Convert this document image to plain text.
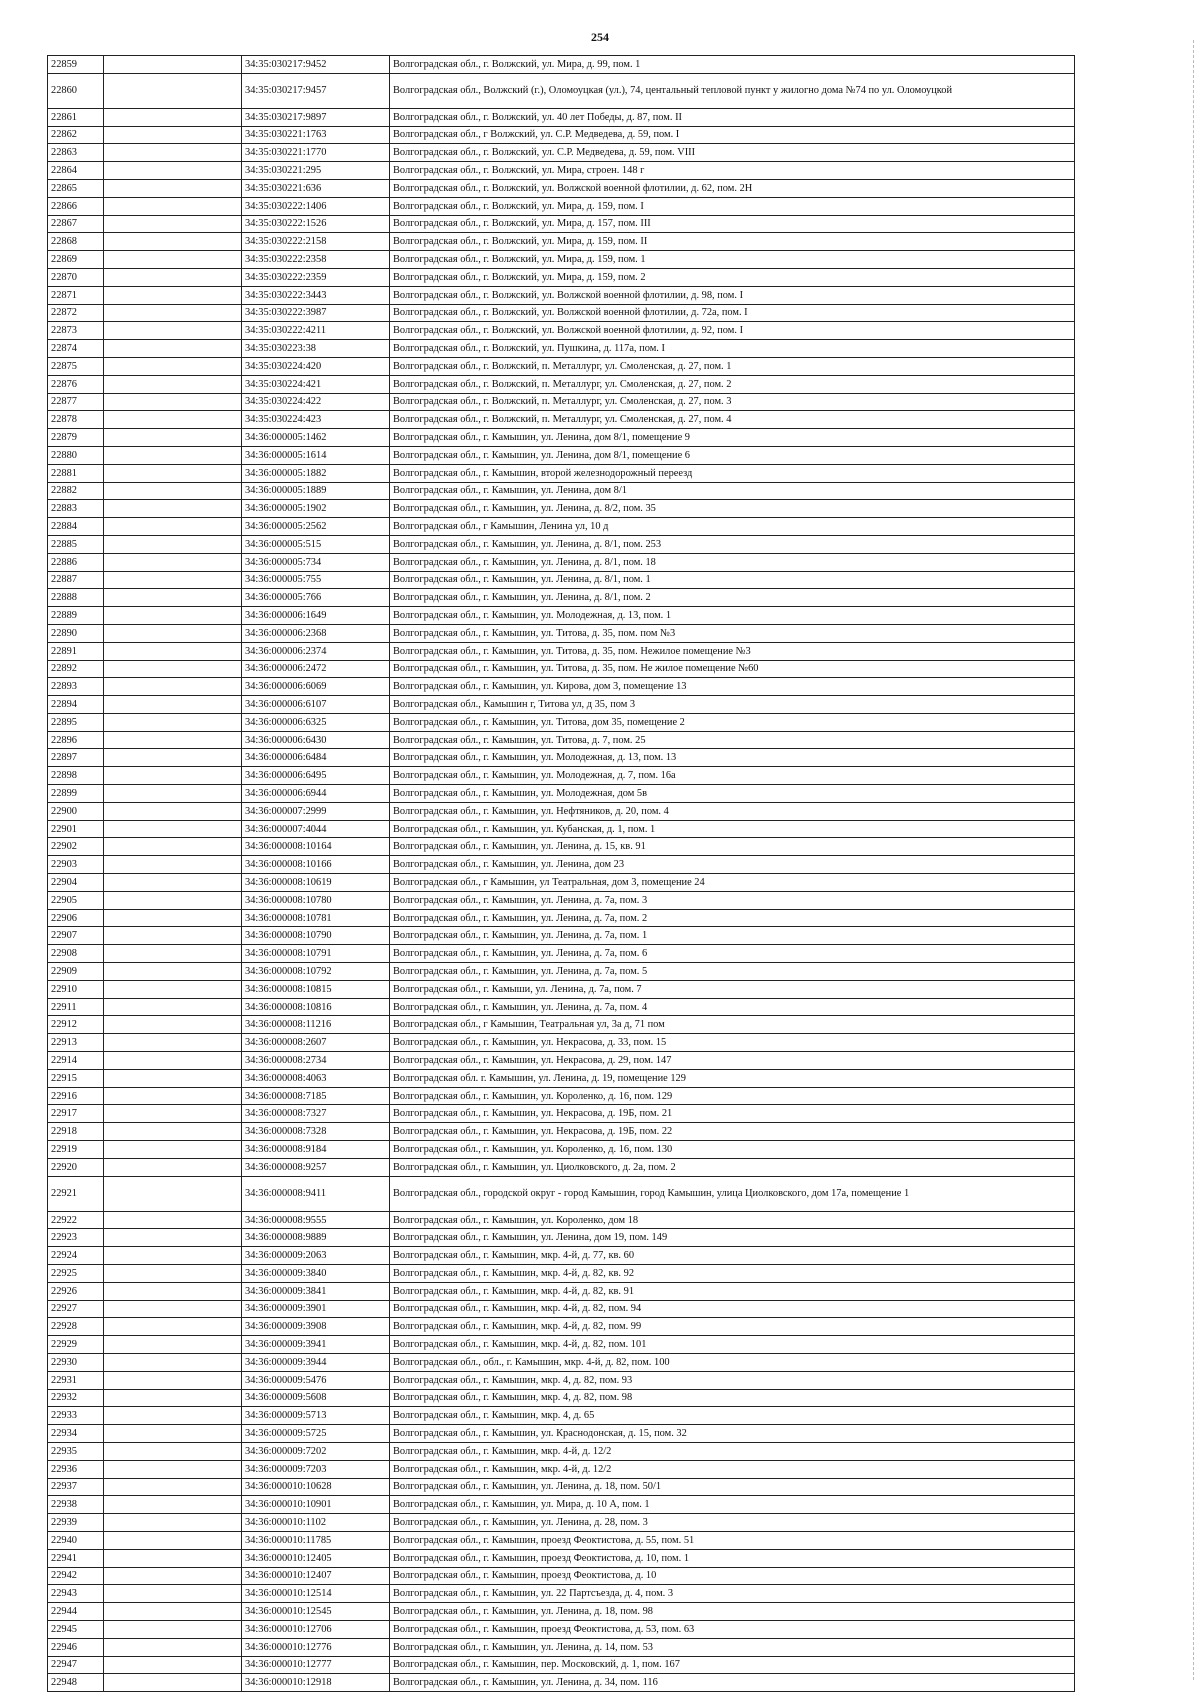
254
22859		34:35:030217:9452	Волгоградская обл., г. Волжский, ул. Мира, д. 99, пом. 1
22860		34:35:030217:9457	Волгоградская обл., Волжский (г.), Оломоуцкая (ул.), 74, центальный тепловой пункт у жилогно дома №74 по ул. Оломоуцкой
22861		34:35:030217:9897	Волгоградская обл., г. Волжский, ул. 40 лет Победы, д. 87, пом. II
22862		34:35:030221:1763	Волгоградская обл., г Волжский, ул. С.Р. Медведева, д. 59, пом. I
22863		34:35:030221:1770	Волгоградская обл., г. Волжский, ул. С.Р. Медведева, д. 59, пом. VIII
22864		34:35:030221:295	Волгоградская обл., г. Волжский, ул. Мира, строен. 148 г
22865		34:35:030221:636	Волгоградская обл., г. Волжский, ул. Волжской военной флотилии, д. 62, пом. 2Н
22866		34:35:030222:1406	Волгоградская обл., г. Волжский, ул. Мира, д. 159, пом. I
22867		34:35:030222:1526	Волгоградская обл., г. Волжский, ул. Мира, д. 157, пом. III
22868		34:35:030222:2158	Волгоградская обл., г. Волжский, ул. Мира, д. 159, пом. II
22869		34:35:030222:2358	Волгоградская обл., г. Волжский, ул. Мира, д. 159, пом. 1
22870		34:35:030222:2359	Волгоградская обл., г. Волжский, ул. Мира, д. 159, пом. 2
22871		34:35:030222:3443	Волгоградская обл., г. Волжский, ул. Волжской военной флотилии, д. 98, пом. I
22872		34:35:030222:3987	Волгоградская обл., г. Волжский, ул. Волжской военной флотилии, д. 72а, пом. I
22873		34:35:030222:4211	Волгоградская обл., г. Волжский, ул. Волжской военной флотилии, д. 92, пом. I
22874		34:35:030223:38	Волгоградская обл., г. Волжский, ул. Пушкина, д. 117а, пом. I
22875		34:35:030224:420	Волгоградская обл., г. Волжский, п. Металлург, ул. Смоленская, д. 27, пом. 1
22876		34:35:030224:421	Волгоградская обл., г. Волжский, п. Металлург, ул. Смоленская, д. 27, пом. 2
22877		34:35:030224:422	Волгоградская обл., г. Волжский, п. Металлург, ул. Смоленская, д. 27, пом. 3
22878		34:35:030224:423	Волгоградская обл., г. Волжский, п. Металлург, ул. Смоленская, д. 27, пом. 4
22879		34:36:000005:1462	Волгоградская обл., г. Камышин, ул. Ленина, дом 8/1, помещение 9
22880		34:36:000005:1614	Волгоградская обл., г. Камышин, ул. Ленина, дом 8/1, помещение 6
22881		34:36:000005:1882	Волгоградская обл., г. Камышин, второй железнодорожный переезд
22882		34:36:000005:1889	Волгоградская обл., г. Камышин, ул. Ленина, дом 8/1
22883		34:36:000005:1902	Волгоградская обл., г. Камышин, ул. Ленина, д. 8/2, пом. 35
22884		34:36:000005:2562	Волгоградская обл., г Камышин, Ленина ул, 10 д
22885		34:36:000005:515	Волгоградская обл., г. Камышин, ул. Ленина, д. 8/1, пом. 253
22886		34:36:000005:734	Волгоградская обл., г. Камышин, ул. Ленина, д. 8/1, пом. 18
22887		34:36:000005:755	Волгоградская обл., г. Камышин, ул. Ленина, д. 8/1, пом. 1
22888		34:36:000005:766	Волгоградская обл., г. Камышин, ул. Ленина, д. 8/1, пом. 2
22889		34:36:000006:1649	Волгоградская обл., г. Камышин, ул. Молодежная, д. 13, пом. 1
22890		34:36:000006:2368	Волгоградская обл., г. Камышин, ул. Титова, д. 35, пом. пом №3
22891		34:36:000006:2374	Волгоградская обл., г. Камышин, ул. Титова, д. 35, пом. Нежилое помещение №3
22892		34:36:000006:2472	Волгоградская обл., г. Камышин, ул. Титова, д. 35, пом. Не жилое помещение №60
22893		34:36:000006:6069	Волгоградская обл., г. Камышин, ул. Кирова, дом 3, помещение 13
22894		34:36:000006:6107	Волгоградская обл., Камышин г, Титова ул, д 35, пом 3
22895		34:36:000006:6325	Волгоградская обл., г. Камышин, ул. Титова, дом 35, помещение 2
22896		34:36:000006:6430	Волгоградская обл., г. Камышин, ул. Титова, д. 7, пом. 25
22897		34:36:000006:6484	Волгоградская обл., г. Камышин, ул. Молодежная, д. 13, пом. 13
22898		34:36:000006:6495	Волгоградская обл., г. Камышин, ул. Молодежная, д. 7, пом. 16а
22899		34:36:000006:6944	Волгоградская обл., г. Камышин, ул. Молодежная, дом 5в
22900		34:36:000007:2999	Волгоградская обл., г. Камышин, ул. Нефтяников, д. 20, пом. 4
22901		34:36:000007:4044	Волгоградская обл., г. Камышин, ул. Кубанская, д. 1, пом. 1
22902		34:36:000008:10164	Волгоградская обл., г. Камышин, ул. Ленина, д. 15, кв. 91
22903		34:36:000008:10166	Волгоградская обл., г. Камышин, ул. Ленина, дом 23
22904		34:36:000008:10619	Волгоградская обл., г Камышин, ул Театральная, дом 3, помещение 24
22905		34:36:000008:10780	Волгоградская обл., г. Камышин, ул. Ленина, д. 7а, пом. 3
22906		34:36:000008:10781	Волгоградская обл., г. Камышин, ул. Ленина, д. 7а, пом. 2
22907		34:36:000008:10790	Волгоградская обл., г. Камышин, ул. Ленина, д. 7а, пом. 1
22908		34:36:000008:10791	Волгоградская обл., г. Камышин, ул. Ленина, д. 7а, пом. 6
22909		34:36:000008:10792	Волгоградская обл., г. Камышин, ул. Ленина, д. 7а, пом. 5
22910		34:36:000008:10815	Волгоградская обл., г. Камыши, ул. Ленина, д. 7а, пом. 7
22911		34:36:000008:10816	Волгоградская обл., г. Камышин, ул. Ленина, д. 7а, пом. 4
22912		34:36:000008:11216	Волгоградская обл., г Камышин, Театральная ул, 3а д, 71 пом
22913		34:36:000008:2607	Волгоградская обл., г. Камышин, ул. Некрасова, д. 33, пом. 15
22914		34:36:000008:2734	Волгоградская обл., г. Камышин, ул. Некрасова, д. 29, пом. 147
22915		34:36:000008:4063	Волгоградская обл. г. Камышин, ул. Ленина, д. 19, помещение 129
22916		34:36:000008:7185	Волгоградская обл., г. Камышин, ул. Короленко, д. 16, пом. 129
22917		34:36:000008:7327	Волгоградская обл., г. Камышин, ул. Некрасова, д. 19Б, пом. 21
22918		34:36:000008:7328	Волгоградская обл., г. Камышин, ул. Некрасова, д. 19Б, пом. 22
22919		34:36:000008:9184	Волгоградская обл., г. Камышин, ул. Короленко, д. 16, пом. 130
22920		34:36:000008:9257	Волгоградская обл., г. Камышин, ул. Циолковского, д. 2а, пом. 2
22921		34:36:000008:9411	Волгоградская обл., городской округ - город Камышин, город Камышин, улица Циолковского, дом 17а, помещение 1
22922		34:36:000008:9555	Волгоградская обл., г. Камышин, ул. Короленко, дом 18
22923		34:36:000008:9889	Волгоградская обл., г. Камышин, ул. Ленина, дом 19, пом. 149
22924		34:36:000009:2063	Волгоградская обл., г. Камышин, мкр. 4-й, д. 77, кв. 60
22925		34:36:000009:3840	Волгоградская обл., г. Камышин, мкр. 4-й, д. 82, кв. 92
22926		34:36:000009:3841	Волгоградская обл., г. Камышин, мкр. 4-й, д. 82, кв. 91
22927		34:36:000009:3901	Волгоградская обл., г. Камышин, мкр. 4-й, д. 82, пом. 94
22928		34:36:000009:3908	Волгоградская обл., г. Камышин, мкр. 4-й, д. 82, пом. 99
22929		34:36:000009:3941	Волгоградская обл., г. Камышин, мкр. 4-й, д. 82, пом. 101
22930		34:36:000009:3944	Волгоградская обл., обл., г. Камышин, мкр. 4-й, д. 82, пом. 100
22931		34:36:000009:5476	Волгоградская обл., г. Камышин, мкр. 4, д. 82, пом. 93
22932		34:36:000009:5608	Волгоградская обл., г. Камышин, мкр. 4, д. 82, пом. 98
22933		34:36:000009:5713	Волгоградская обл., г. Камышин, мкр. 4, д. 65
22934		34:36:000009:5725	Волгоградская обл., г. Камышин, ул. Краснодонская, д. 15, пом. 32
22935		34:36:000009:7202	Волгоградская обл., г. Камышин, мкр. 4-й, д. 12/2
22936		34:36:000009:7203	Волгоградская обл., г. Камышин, мкр. 4-й, д. 12/2
22937		34:36:000010:10628	Волгоградская обл., г. Камышин, ул. Ленина, д. 18, пом. 50/1
22938		34:36:000010:10901	Волгоградская обл., г. Камышин, ул. Мира, д. 10 А, пом. 1
22939		34:36:000010:1102	Волгоградская обл., г. Камышин, ул. Ленина, д. 28, пом. 3
22940		34:36:000010:11785	Волгоградская обл., г. Камышин, проезд Феоктистова, д. 55, пом. 51
22941		34:36:000010:12405	Волгоградская обл., г. Камышин, проезд Феоктистова, д. 10, пом. 1
22942		34:36:000010:12407	Волгоградская обл., г. Камышин, проезд Феоктистова, д. 10
22943		34:36:000010:12514	Волгоградская обл., г. Камышин, ул. 22 Партсъезда, д. 4, пом. 3
22944		34:36:000010:12545	Волгоградская обл., г. Камышин, ул. Ленина, д. 18, пом. 98
22945		34:36:000010:12706	Волгоградская обл., г. Камышин, проезд Феоктистова, д. 53, пом. 63
22946		34:36:000010:12776	Волгоградская обл., г. Камышин, ул. Ленина, д. 14, пом. 53
22947		34:36:000010:12777	Волгоградская обл., г. Камышин, пер. Московский, д. 1, пом. 167
22948		34:36:000010:12918	Волгоградская обл., г. Камышин, ул. Ленина, д. 34, пом. 116
